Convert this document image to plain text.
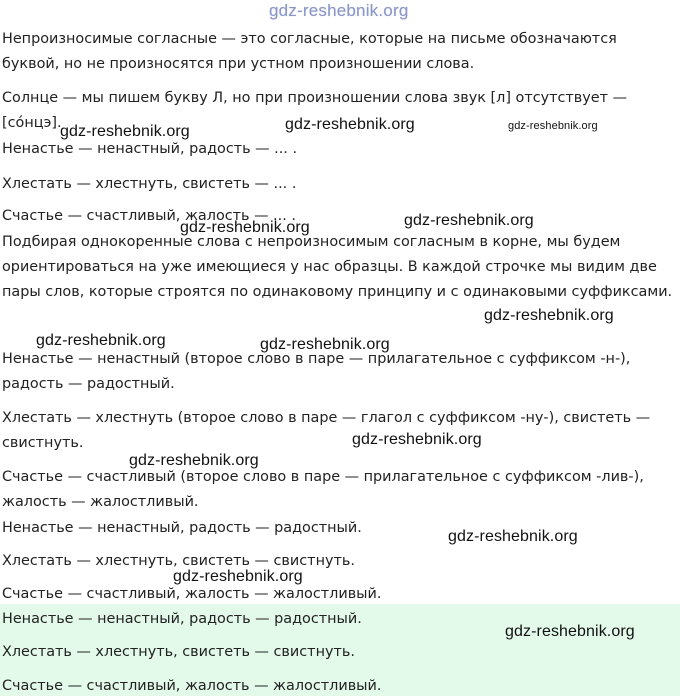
gdz-reshebnik.org

Непроизносимые согласные — это согласные, которые на письме обозначаются
буквой, но не произносятся при устном произношении слова.

Солнце — мы пишем букву Л, но при произношении слова звук [л] отсутствует —
[со́нцэ].

Ненастье — ненастный, радость — ... .

Хлестать — хлестнуть, свистеть — ... .

Счастье — счастливый, жалость — ... .

Подбирая однокоренные слова с непроизносимым согласным в корне, мы будем
ориентироваться на уже имеющиеся у нас образцы. В каждой строчке мы видим две
пары слов, которые строятся по одинаковому принципу и с одинаковыми суффиксами.

Ненастье — ненастный (второе слово в паре — прилагательное с суффиксом -н-),
радость — радостный.

Хлестать — хлестнуть (второе слово в паре — глагол с суффиксом -ну-), свистеть —
свистнуть.

Счастье — счастливый (второе слово в паре — прилагательное с суффиксом -лив-),
жалость — жалостливый.

Ненастье — ненастный, радость — радостный.

Хлестать — хлестнуть, свистеть — свистнуть.

Счастье — счастливый, жалость — жалостливый.

Ненастье — ненастный, радость — радостный.

Хлестать — хлестнуть, свистеть — свистнуть.

Счастье — счастливый, жалость — жалостливый.

gdz-reshebnik.org	gdz-reshebnik.org	gdz-reshebnik.org
gdz-reshebnik.org	gdz-reshebnik.org
gdz-reshebnik.org
gdz-reshebnik.org	gdz-reshebnik.org
gdz-reshebnik.org
gdz-reshebnik.org
gdz-reshebnik.org
gdz-reshebnik.org
gdz-reshebnik.org
